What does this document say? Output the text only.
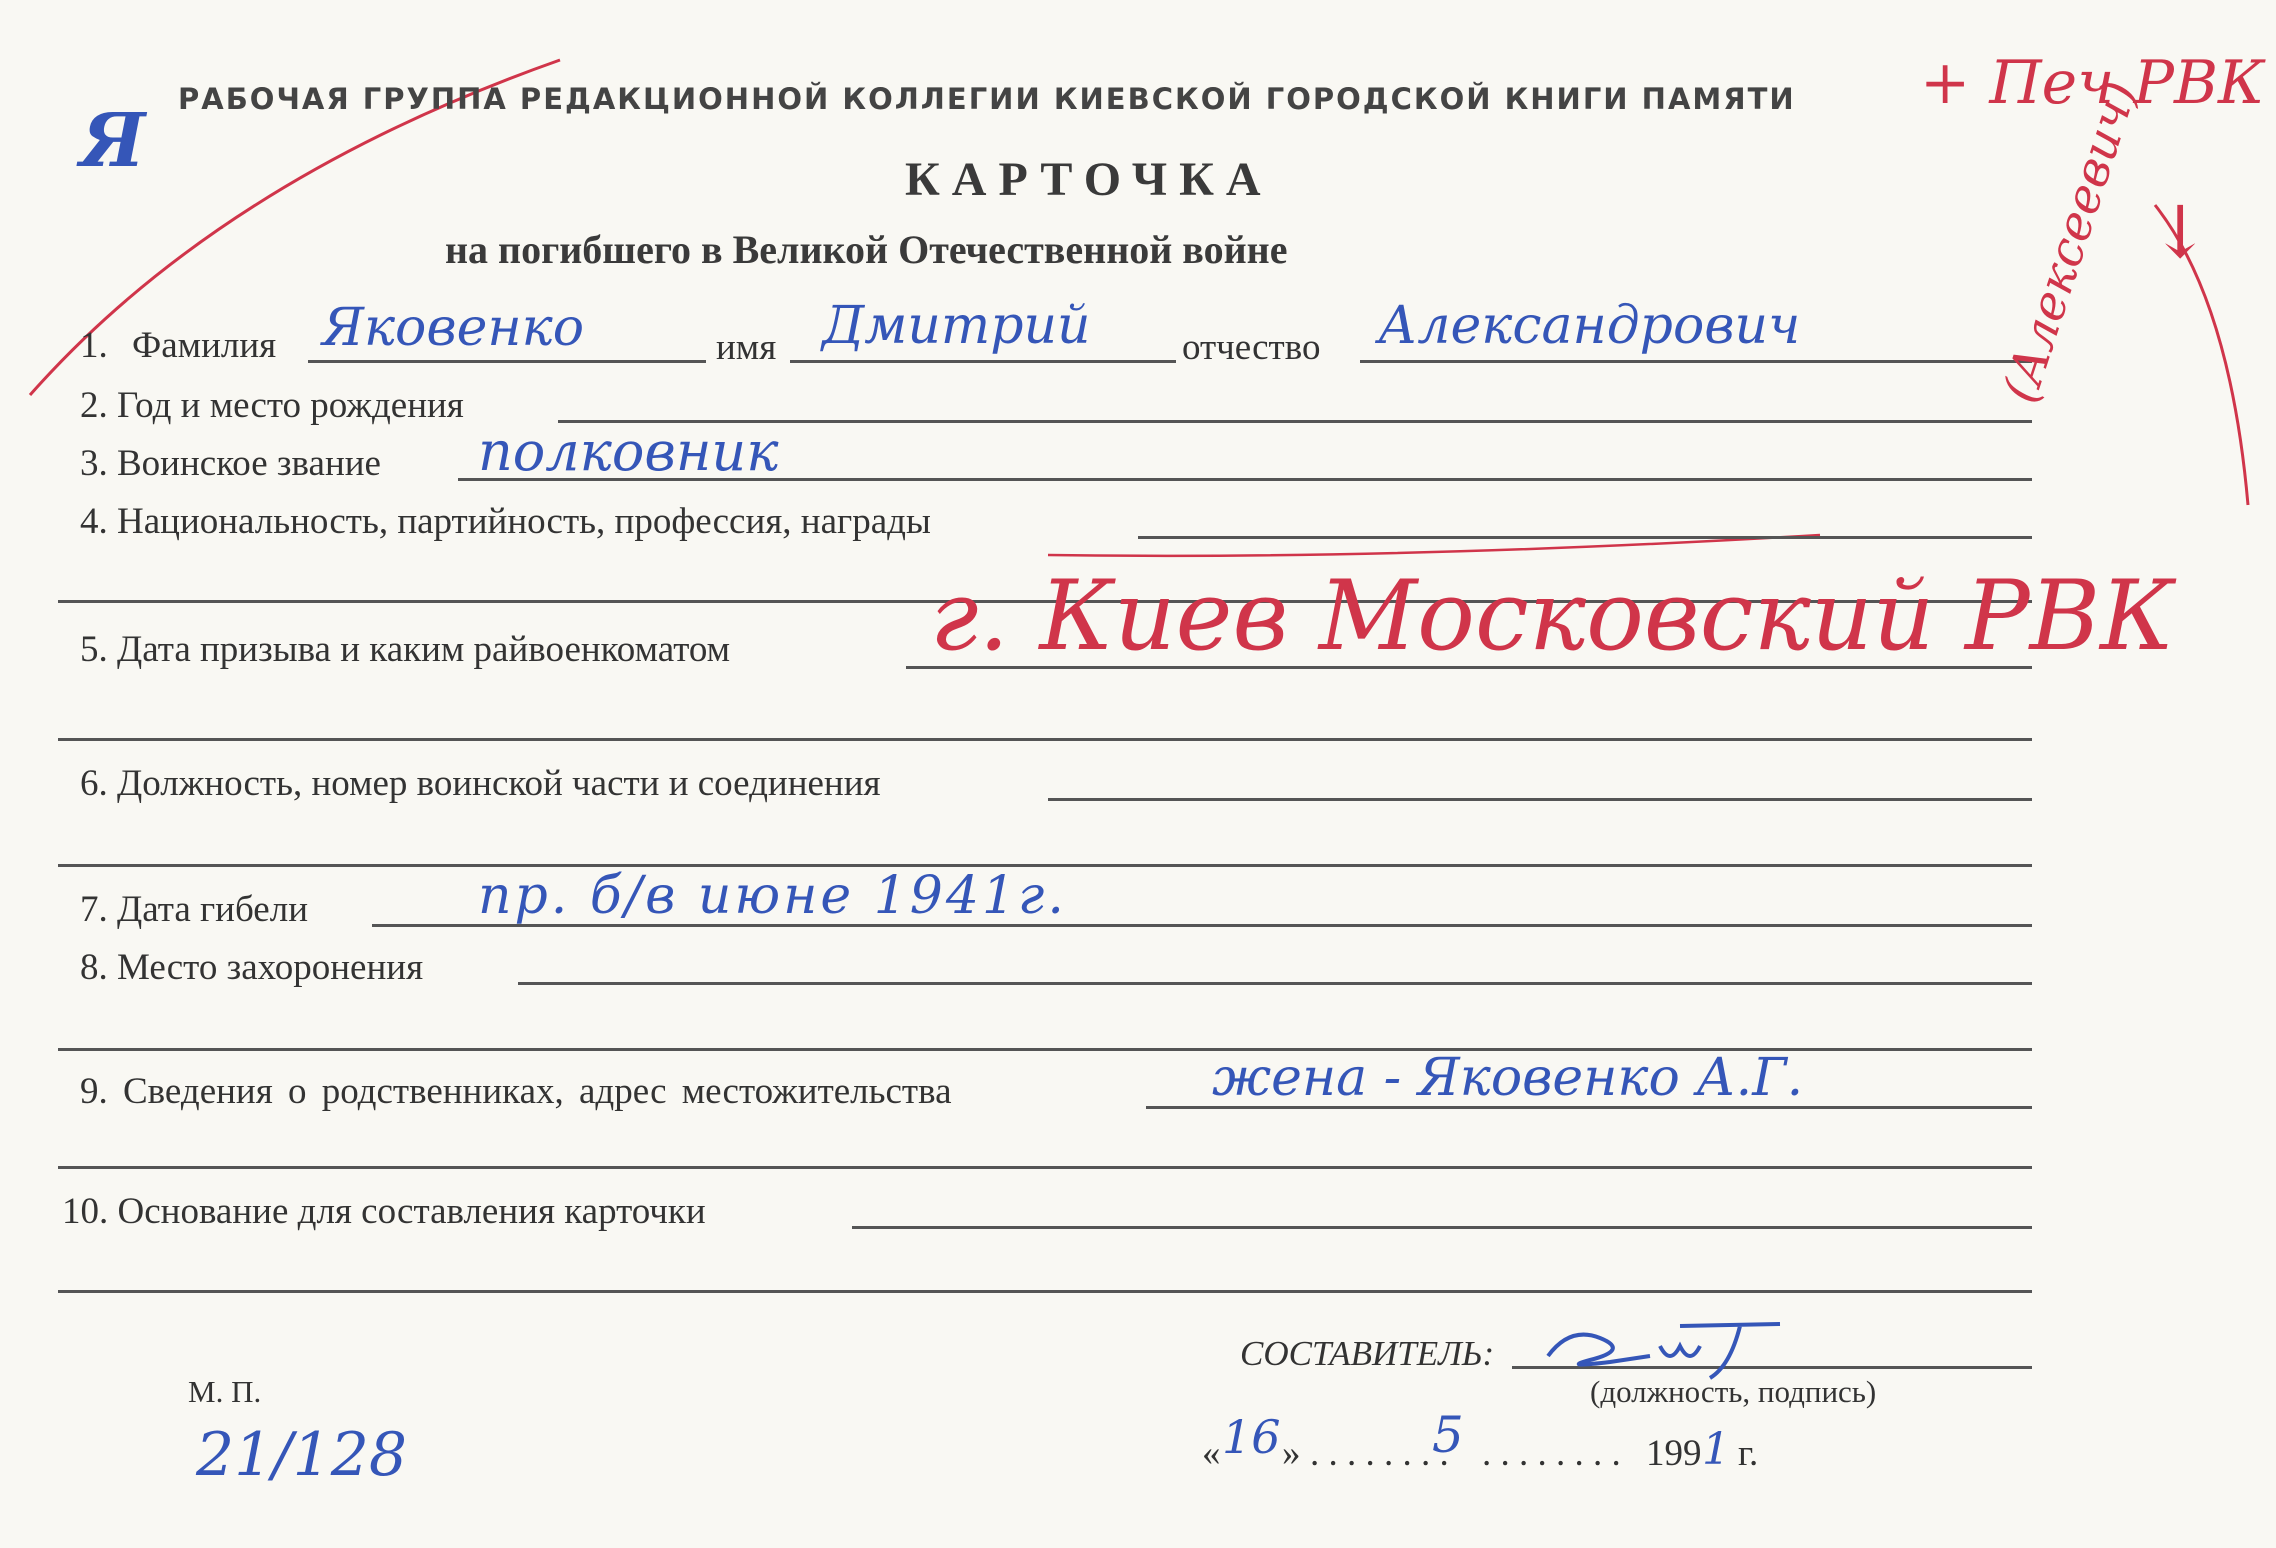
Я РАБОЧАЯ ГРУППА РЕДАКЦИОННОЙ КОЛЛЕГИИ КИЕВСКОЙ ГОРОДСКОЙ КНИГИ ПАМЯТИ + Печ РВК
↓
КАРТОЧКА
на погибшего в Великой Отечественной войне
1. Фамилия Яковенко	имя Дмитрий отчество Александрович	(Алексеевич)
2. Год и место рождения
3. Воинское звание полковник
4. Национальность, партийность, профессия, награды
5. Дата призыва и каким райвоенкоматом г. Киев Московский РВК
6. Должность, номер воинской части и соединения
7. Дата гибели	пр. б/в июне 1941г.
8. Место захоронения
9. Сведения о родственниках, адрес местожительства	жена - Яковенко А.Г.
10. Основание для составления карточки
СОСТАВИТЕЛЬ:
(должность, подпись)
М. П.
21/128	« 16 » . . . . . . . .
5 . . . . . . . . 199 1 г.
